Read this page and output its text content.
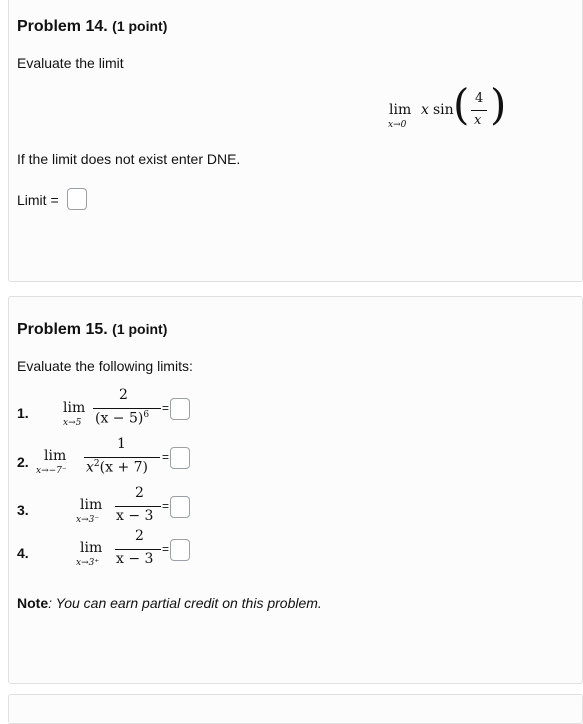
Problem 14. (1 point)
Evaluate the limit
lim
x→0
x sin ( 4
x )
If the limit does not exist enter DNE.
Limit =
Problem 15. (1 point)
Evaluate the following limits:
1. lim
x→5
2
$(x - 5)^6$ =
2. lim
x→−7⁻
1
$x^2(x + 7)$
=
3.	lim
x→3⁻
2
x − 3
=
4.	lim
x→3⁺
2
x − 3
=
Note: You can earn partial credit on this problem.
